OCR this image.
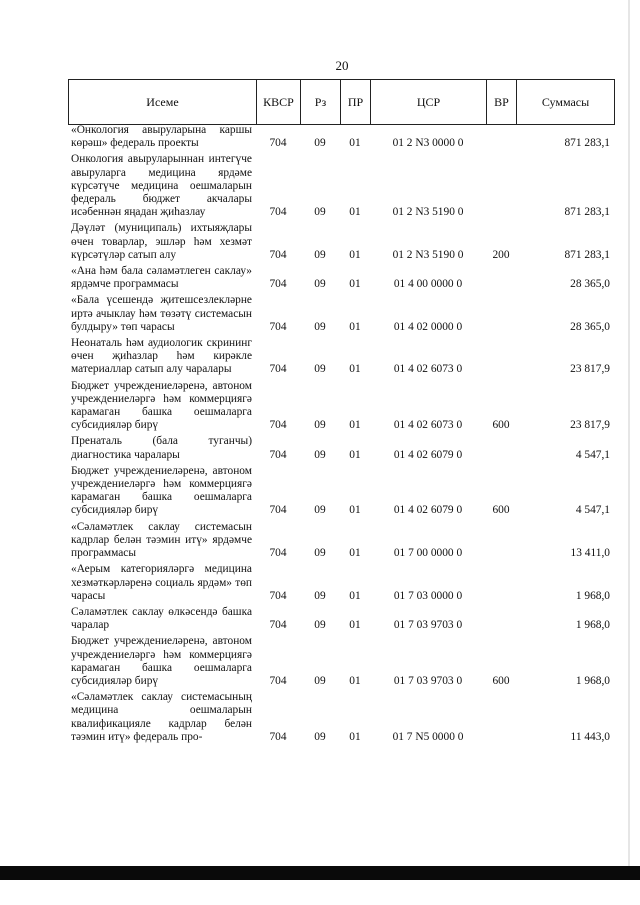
20
Исеме	КВСР	Рз	ПР	ЦСР	ВР	Суммасы
«Онкология авыруларына каршы көрәш» федераль проекты	704	09	01	01 2 N3 0000 0		871 283,1
Онкология авыруларыннан интегүче авыруларга медицина ярдәме күрсәтүче медицина оешмаларын федераль бюджет акчалары исәбеннән яңадан җиһазлау	704	09	01	01 2 N3 5190 0		871 283,1
Дәүләт (муниципаль) ихтыяҗлары өчен товарлар, эшләр һәм хезмәт күрсәтүләр сатып алу	704	09	01	01 2 N3 5190 0	200	871 283,1
«Ана һәм бала сәламәтлеген саклау» ярдәмче программасы	704	09	01	01 4 00 0000 0		28 365,0
«Бала үсешендә җитешсезлекләрне иртә ачыклау һәм төзәтү системасын булдыру» төп чарасы	704	09	01	01 4 02 0000 0		28 365,0
Неонаталь һәм аудиологик скрининг өчен җиһазлар һәм кирәкле материаллар сатып алу чаралары	704	09	01	01 4 02 6073 0		23 817,9
Бюджет учреждениеләренә, автоном учреждениеләргә һәм коммерциягә карамаган башка оешмаларга субсидияләр бирү	704	09	01	01 4 02 6073 0	600	23 817,9
Пренаталь (бала туганчы) диагностика чаралары	704	09	01	01 4 02 6079 0		4 547,1
Бюджет учреждениеләренә, автоном учреждениеләргә һәм коммерциягә карамаган башка оешмаларга субсидияләр бирү	704	09	01	01 4 02 6079 0	600	4 547,1
«Сәламәтлек саклау системасын кадрлар белән тәэмин итү» ярдәмче программасы	704	09	01	01 7 00 0000 0		13 411,0
«Аерым категорияләргә медицина хезмәткәрләренә социаль ярдәм» төп чарасы	704	09	01	01 7 03 0000 0		1 968,0
Сәламәтлек саклау өлкәсендә башка чаралар	704	09	01	01 7 03 9703 0		1 968,0
Бюджет учреждениеләренә, автоном учреждениеләргә һәм коммерциягә карамаган башка оешмаларга субсидияләр бирү	704	09	01	01 7 03 9703 0	600	1 968,0
«Сәламәтлек саклау системасының медицина оешмаларын квалификацияле кадрлар белән тәэмин итү» федераль про-	704	09	01	01 7 N5 0000 0		11 443,0
